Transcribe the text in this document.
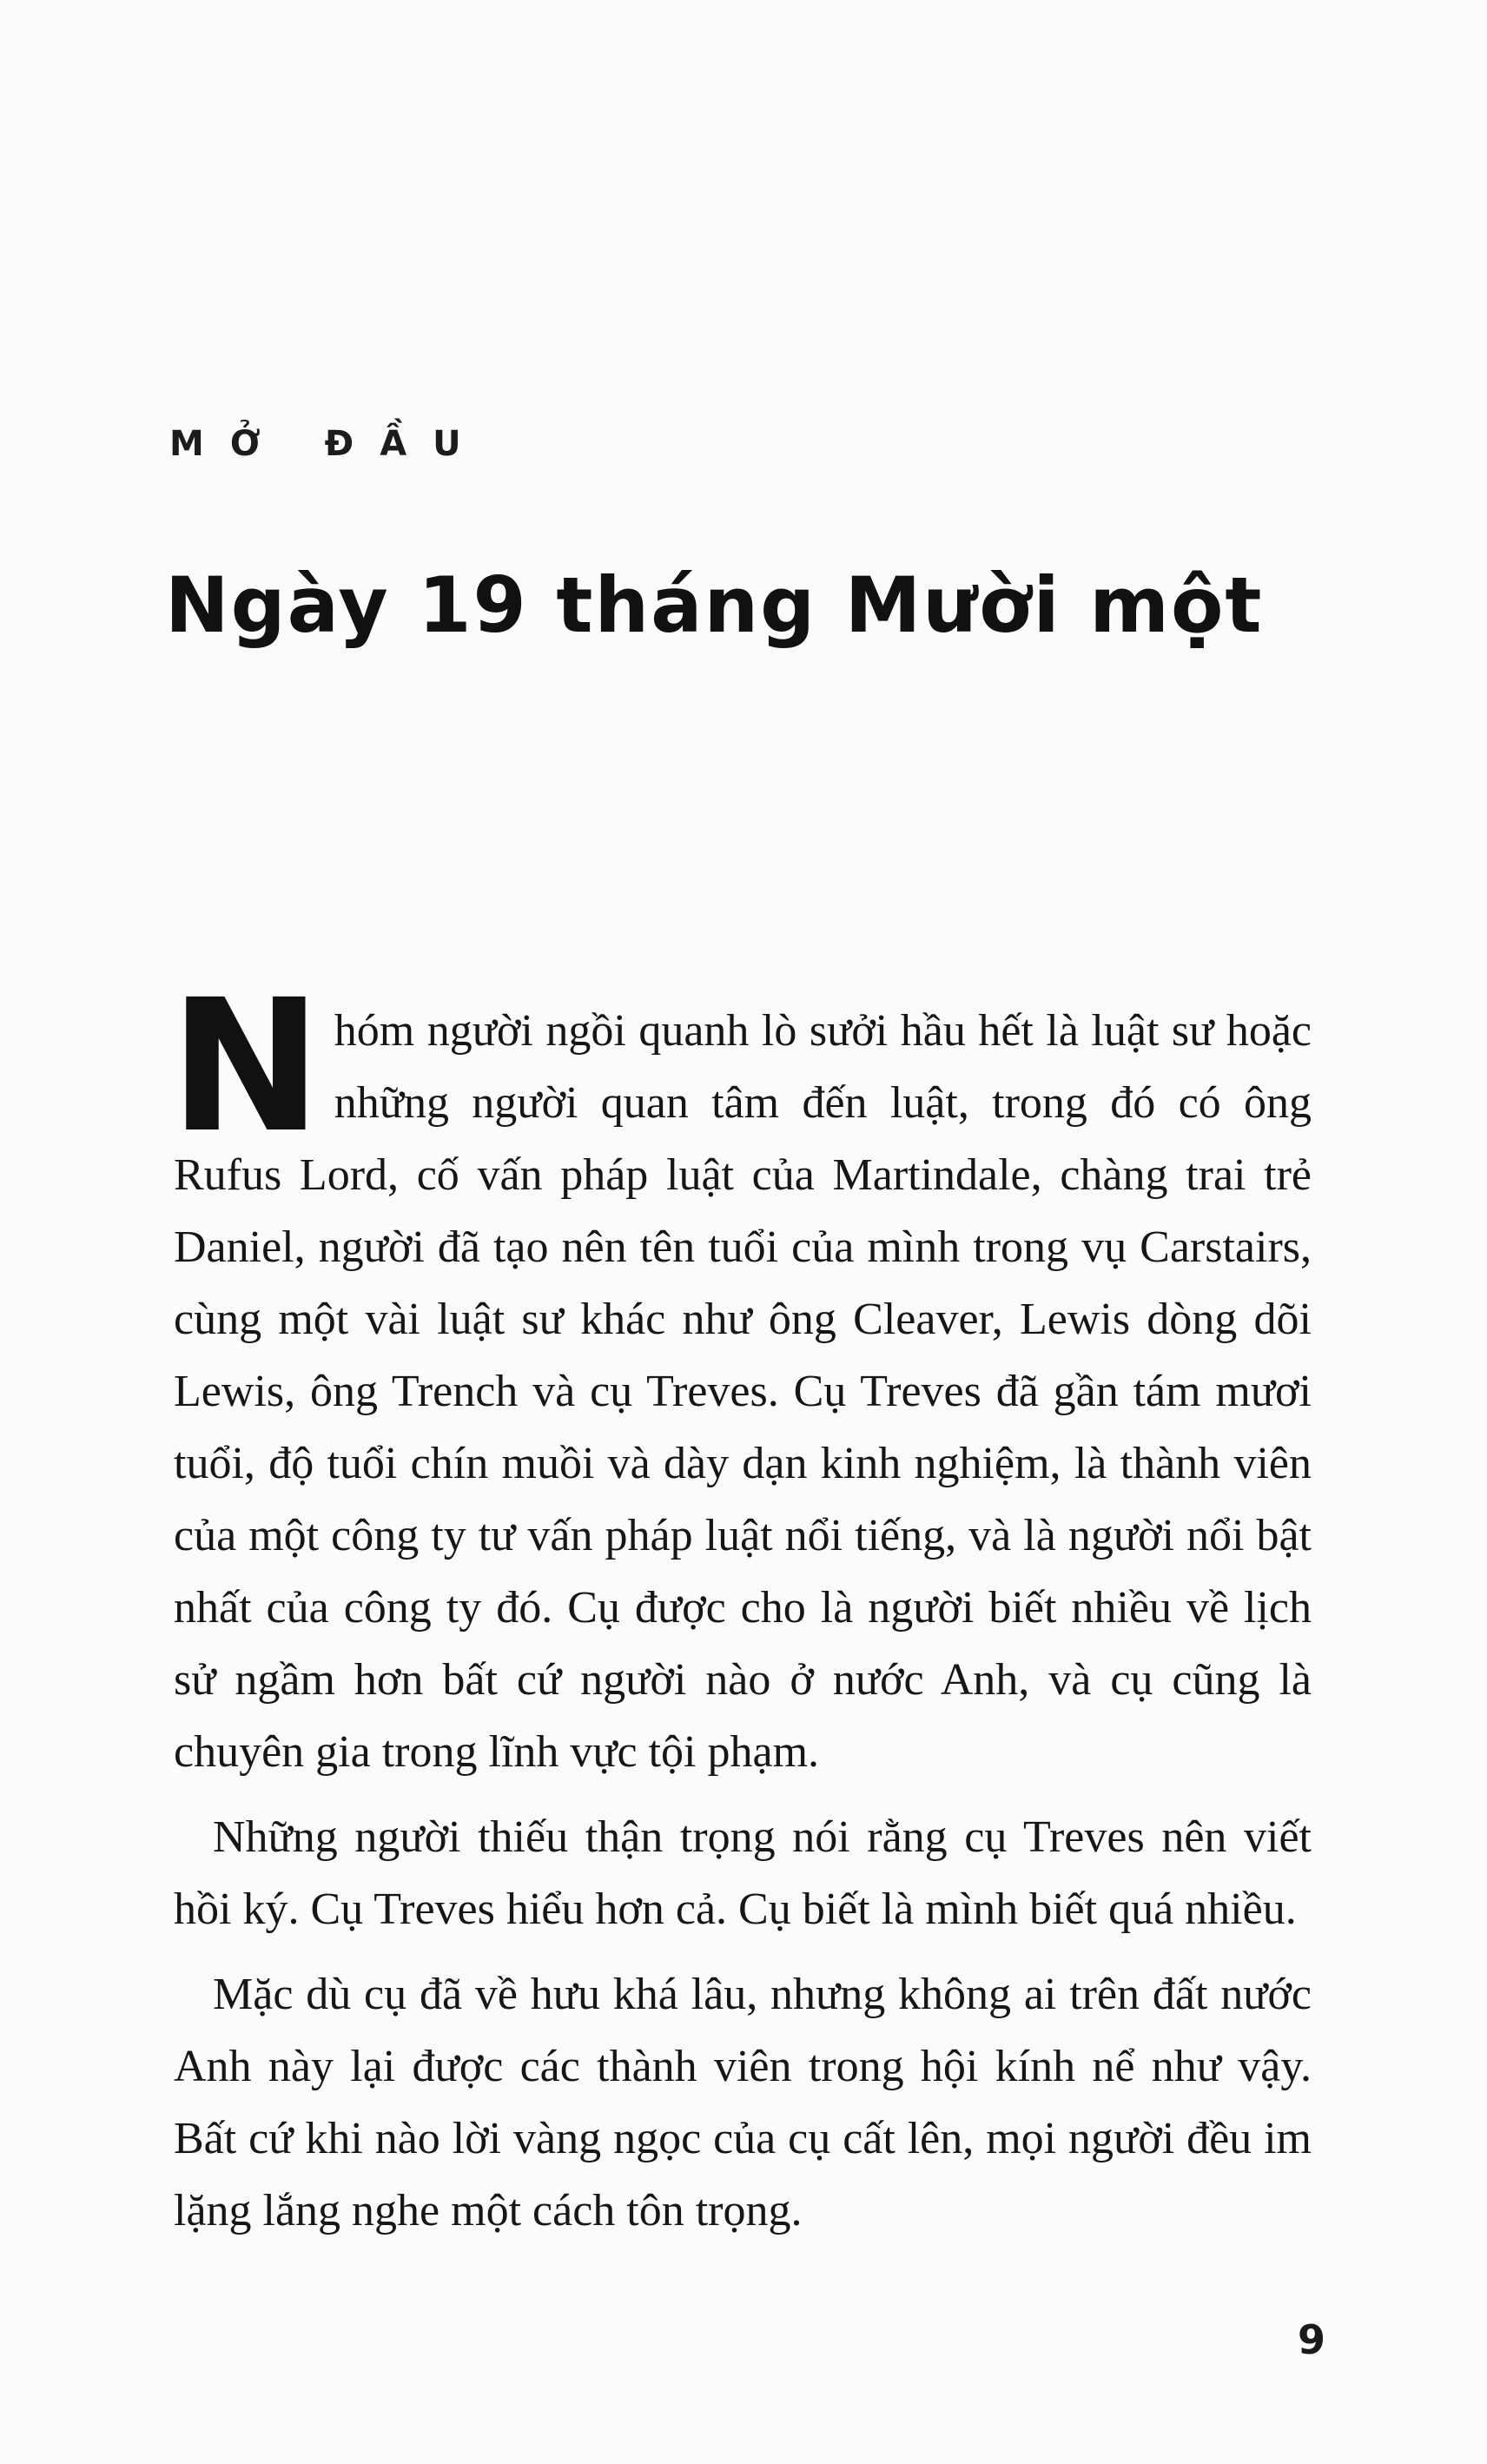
MỞ ĐẦU
Ngày 19 tháng Mười một

Nhóm người ngồi quanh lò sưởi hầu hết là luật sư hoặc những người quan tâm đến luật, trong đó có ông Rufus Lord, cố vấn pháp luật của Martindale, chàng trai trẻ Daniel, người đã tạo nên tên tuổi của mình trong vụ Carstairs, cùng một vài luật sư khác như ông Cleaver, Lewis dòng dõi Lewis, ông Trench và cụ Treves. Cụ Treves đã gần tám mươi tuổi, độ tuổi chín muồi và dày dạn kinh nghiệm, là thành viên của một công ty tư vấn pháp luật nổi tiếng, và là người nổi bật nhất của công ty đó. Cụ được cho là người biết nhiều về lịch sử ngầm hơn bất cứ người nào ở nước Anh, và cụ cũng là chuyên gia trong lĩnh vực tội phạm.

Những người thiếu thận trọng nói rằng cụ Treves nên viết hồi ký. Cụ Treves hiểu hơn cả. Cụ biết là mình biết quá nhiều.

Mặc dù cụ đã về hưu khá lâu, nhưng không ai trên đất nước Anh này lại được các thành viên trong hội kính nể như vậy. Bất cứ khi nào lời vàng ngọc của cụ cất lên, mọi người đều im lặng lắng nghe một cách tôn trọng.

9
